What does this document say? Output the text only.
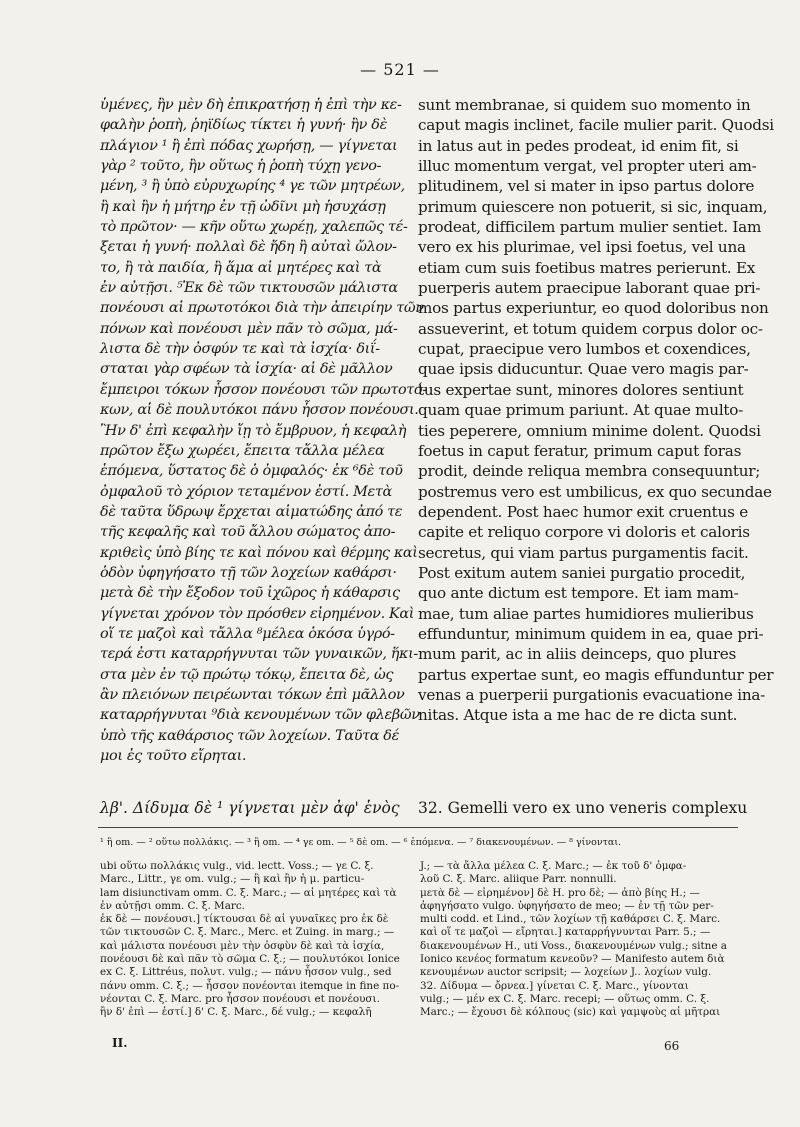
— 521 —
ὑμένες, ἢν μὲν δὴ ἐπικρατήσῃ ἡ ἐπὶ τὴν κε-
φαλὴν ῥοπὴ, ῥηϊδίως τίκτει ἡ γυνή· ἢν δὲ
πλάγιον ¹ ἢ ἐπὶ πόδας χωρήσῃ, — γίγνεται
γὰρ ² τοῦτο, ἢν οὕτως ἡ ῥοπὴ τύχῃ γενο-
μένη, ³ ἢ ὑπὸ εὐρυχωρίης ⁴ γε τῶν μητρέων,
ἢ καὶ ἢν ἡ μήτηρ ἐν τῇ ὠδῖνι μὴ ἡσυχάσῃ
τὸ πρῶτον· — κῆν οὕτω χωρέῃ, χαλεπῶς τέ-
ξεται ἡ γυνή· πολλαὶ δὲ ἤδη ἢ αὐταὶ ὤλον-
το, ἢ τὰ παιδία, ἢ ἅμα αἱ μητέρες καὶ τὰ
ἐν αὐτῇσι. ⁵Ἐκ δὲ τῶν τικτουσῶν μάλιστα
πονέουσι αἱ πρωτοτόκοι διὰ τὴν ἀπειρίην τῶν
πόνων καὶ πονέουσι μὲν πᾶν τὸ σῶμα, μά-
λιστα δὲ τὴν ὀσφύν τε καὶ τὰ ἰσχία· διΐ-
σταται γὰρ σφέων τὰ ἰσχία· αἱ δὲ μᾶλλον
ἔμπειροι τόκων ἧσσον πονέουσι τῶν πρωτοτό-
κων, αἱ δὲ πουλυτόκοι πάνυ ἧσσον πονέουσι.
Ἢν δ' ἐπὶ κεφαλὴν ἴῃ τὸ ἔμβρυον, ἡ κεφαλὴ
πρῶτον ἔξω χωρέει, ἔπειτα τἄλλα μέλεα
ἑπόμενα, ὕστατος δὲ ὁ ὀμφαλός· ἐκ ⁶δὲ τοῦ
ὀμφαλοῦ τὸ χόριον τεταμένον ἐστί. Μετὰ
δὲ ταῦτα ὕδρωψ ἔρχεται αἱματώδης ἀπό τε
τῆς κεφαλῆς καὶ τοῦ ἄλλου σώματος ἀπο-
κριθεὶς ὑπὸ βίης τε καὶ πόνου καὶ θέρμης καὶ
ὁδὸν ὑφηγήσατο τῇ τῶν λοχείων καθάρσι·
μετὰ δὲ τὴν ἔξοδον τοῦ ἰχῶρος ἡ κάθαρσις
γίγνεται χρόνον τὸν πρόσθεν εἰρημένον. Καὶ
οἵ τε μαζοὶ καὶ τἄλλα ⁸μέλεα ὁκόσα ὑγρό-
τερά ἐστι καταρρήγνυται τῶν γυναικῶν, ἥκι-
στα μὲν ἐν τῷ πρώτῳ τόκῳ, ἔπειτα δὲ, ὡς
ἂν πλειόνων πειρέωνται τόκων ἐπὶ μᾶλλον
καταρρήγνυται ⁹διὰ κενουμένων τῶν φλεβῶν
ὑπὸ τῆς καθάρσιος τῶν λοχείων. Ταῦτα δέ
μοι ἐς τοῦτο εἴρηται.
sunt membranae, si quidem suo momento in
caput magis inclinet, facile mulier parit. Quodsi
in latus aut in pedes prodeat, id enim fit, si
illuc momentum vergat, vel propter uteri am-
plitudinem, vel si mater in ipso partus dolore
primum quiescere non potuerit, si sic, inquam,
prodeat, difficilem partum mulier sentiet. Iam
vero ex his plurimae, vel ipsi foetus, vel una
etiam cum suis foetibus matres perierunt. Ex
puerperis autem praecipue laborant quae pri-
mos partus experiuntur, eo quod doloribus non
assueverint, et totum quidem corpus dolor oc-
cupat, praecipue vero lumbos et coxendices,
quae ipsis diducuntur. Quae vero magis par-
tus expertae sunt, minores dolores sentiunt
quam quae primum pariunt. At quae multo-
ties peperere, omnium minime dolent. Quodsi
foetus in caput feratur, primum caput foras
prodit, deinde reliqua membra consequuntur;
postremus vero est umbilicus, ex quo secundae
dependent. Post haec humor exit cruentus e
capite et reliquo corpore vi doloris et caloris
secretus, qui viam partus purgamentis facit.
Post exitum autem saniei purgatio procedit,
quo ante dictum est tempore. Et iam mam-
mae, tum aliae partes humidiores mulieribus
effunduntur, minimum quidem in ea, quae pri-
mum parit, ac in aliis deinceps, quo plures
partus expertae sunt, eo magis effunduntur per
venas a puerperii purgationis evacuatione ina-
nitas. Atque ista a me hac de re dicta sunt.
λβ'. Δίδυμα δὲ ¹ γίγνεται μὲν ἀφ' ἑνὸς 32. Gemelli vero ex uno veneris complexu
¹ ἢ om. — ² οὕτω πολλάκις. — ³ ἢ om. — ⁴ γε om. — ⁵ δὲ om. — ⁶ ἑπόμενα. — ⁷ διακενουμένων. — ⁸ γίνονται.
ubi οὕτω πολλάκις vulg., vid. lectt. Voss.; — γε C. ξ.
Marc., Littr., γε om. vulg.; — ἢ καὶ ἢν ἡ μ. particu-
lam disiunctivam omm. C. ξ. Marc.; — αἱ μητέρες καὶ τὰ
ἐν αὐτῇσι omm. C. ξ. Marc.
ἐκ δὲ — πονέουσι.] τίκτουσαι δὲ αἱ γυναῖκες pro ἐκ δὲ
τῶν τικτουσῶν C. ξ. Marc., Merc. et Zuing. in marg.; —
καὶ μάλιστα πονέουσι μὲν τὴν ὀσφὺν δὲ καὶ τὰ ἰσχία,
πονέουσι δὲ καὶ πᾶν τὸ σῶμα C. ξ.; — πουλυτόκοι Ionice
ex C. ξ. Littréus, πολυτ. vulg.; — πάνυ ἧσσον vulg., sed
πάνυ omm. C. ξ.; — ἧσσον πονέονται itemque in fine πο-
νέονται C. ξ. Marc. pro ἧσσον πονέουσι et πονέουσι.
ἢν δ' ἐπὶ — ἐστί.] δ' C. ξ. Marc., δέ vulg.; — κεφαλῆ
J.; — τὰ ἄλλα μέλεα C. ξ. Marc.; — ἐκ τοῦ δ' ὀμφα-
λοῦ C. ξ. Marc. aliique Parr. nonnulli.
μετὰ δὲ — εἰρημένον] δὲ H. pro δὲ; — ἀπὸ βίης H.; —
ἀφηγήσατο vulgo. ὑφηγήσατο de meo; — ἐν τῇ τῶν per-
multi codd. et Lind., τῶν λοχίων τῇ καθάρσει C. ξ. Marc.
καὶ οἵ τε μαζοὶ — εἴρηται.] καταρρήγνυνται Parr. 5.; —
διακενουμένων H., uti Voss., διακενουμένων vulg.; sitne a
Ionico κενέος formatum κενεοῦν? — Manifesto autem διὰ
κενουμένων auctor scripsit; — λοχείων J.. λοχίων vulg.
32. Δίδυμα — ὄρνεα.] γίνεται C. ξ. Marc., γίνονται
vulg.; — μέν ex C. ξ. Marc. recepi; — οὕτως omm. C. ξ.
Marc.; — ἔχουσι δὲ κόλπους (sic) καὶ γαμψοὺς αἱ μῆτραι
II.	66
